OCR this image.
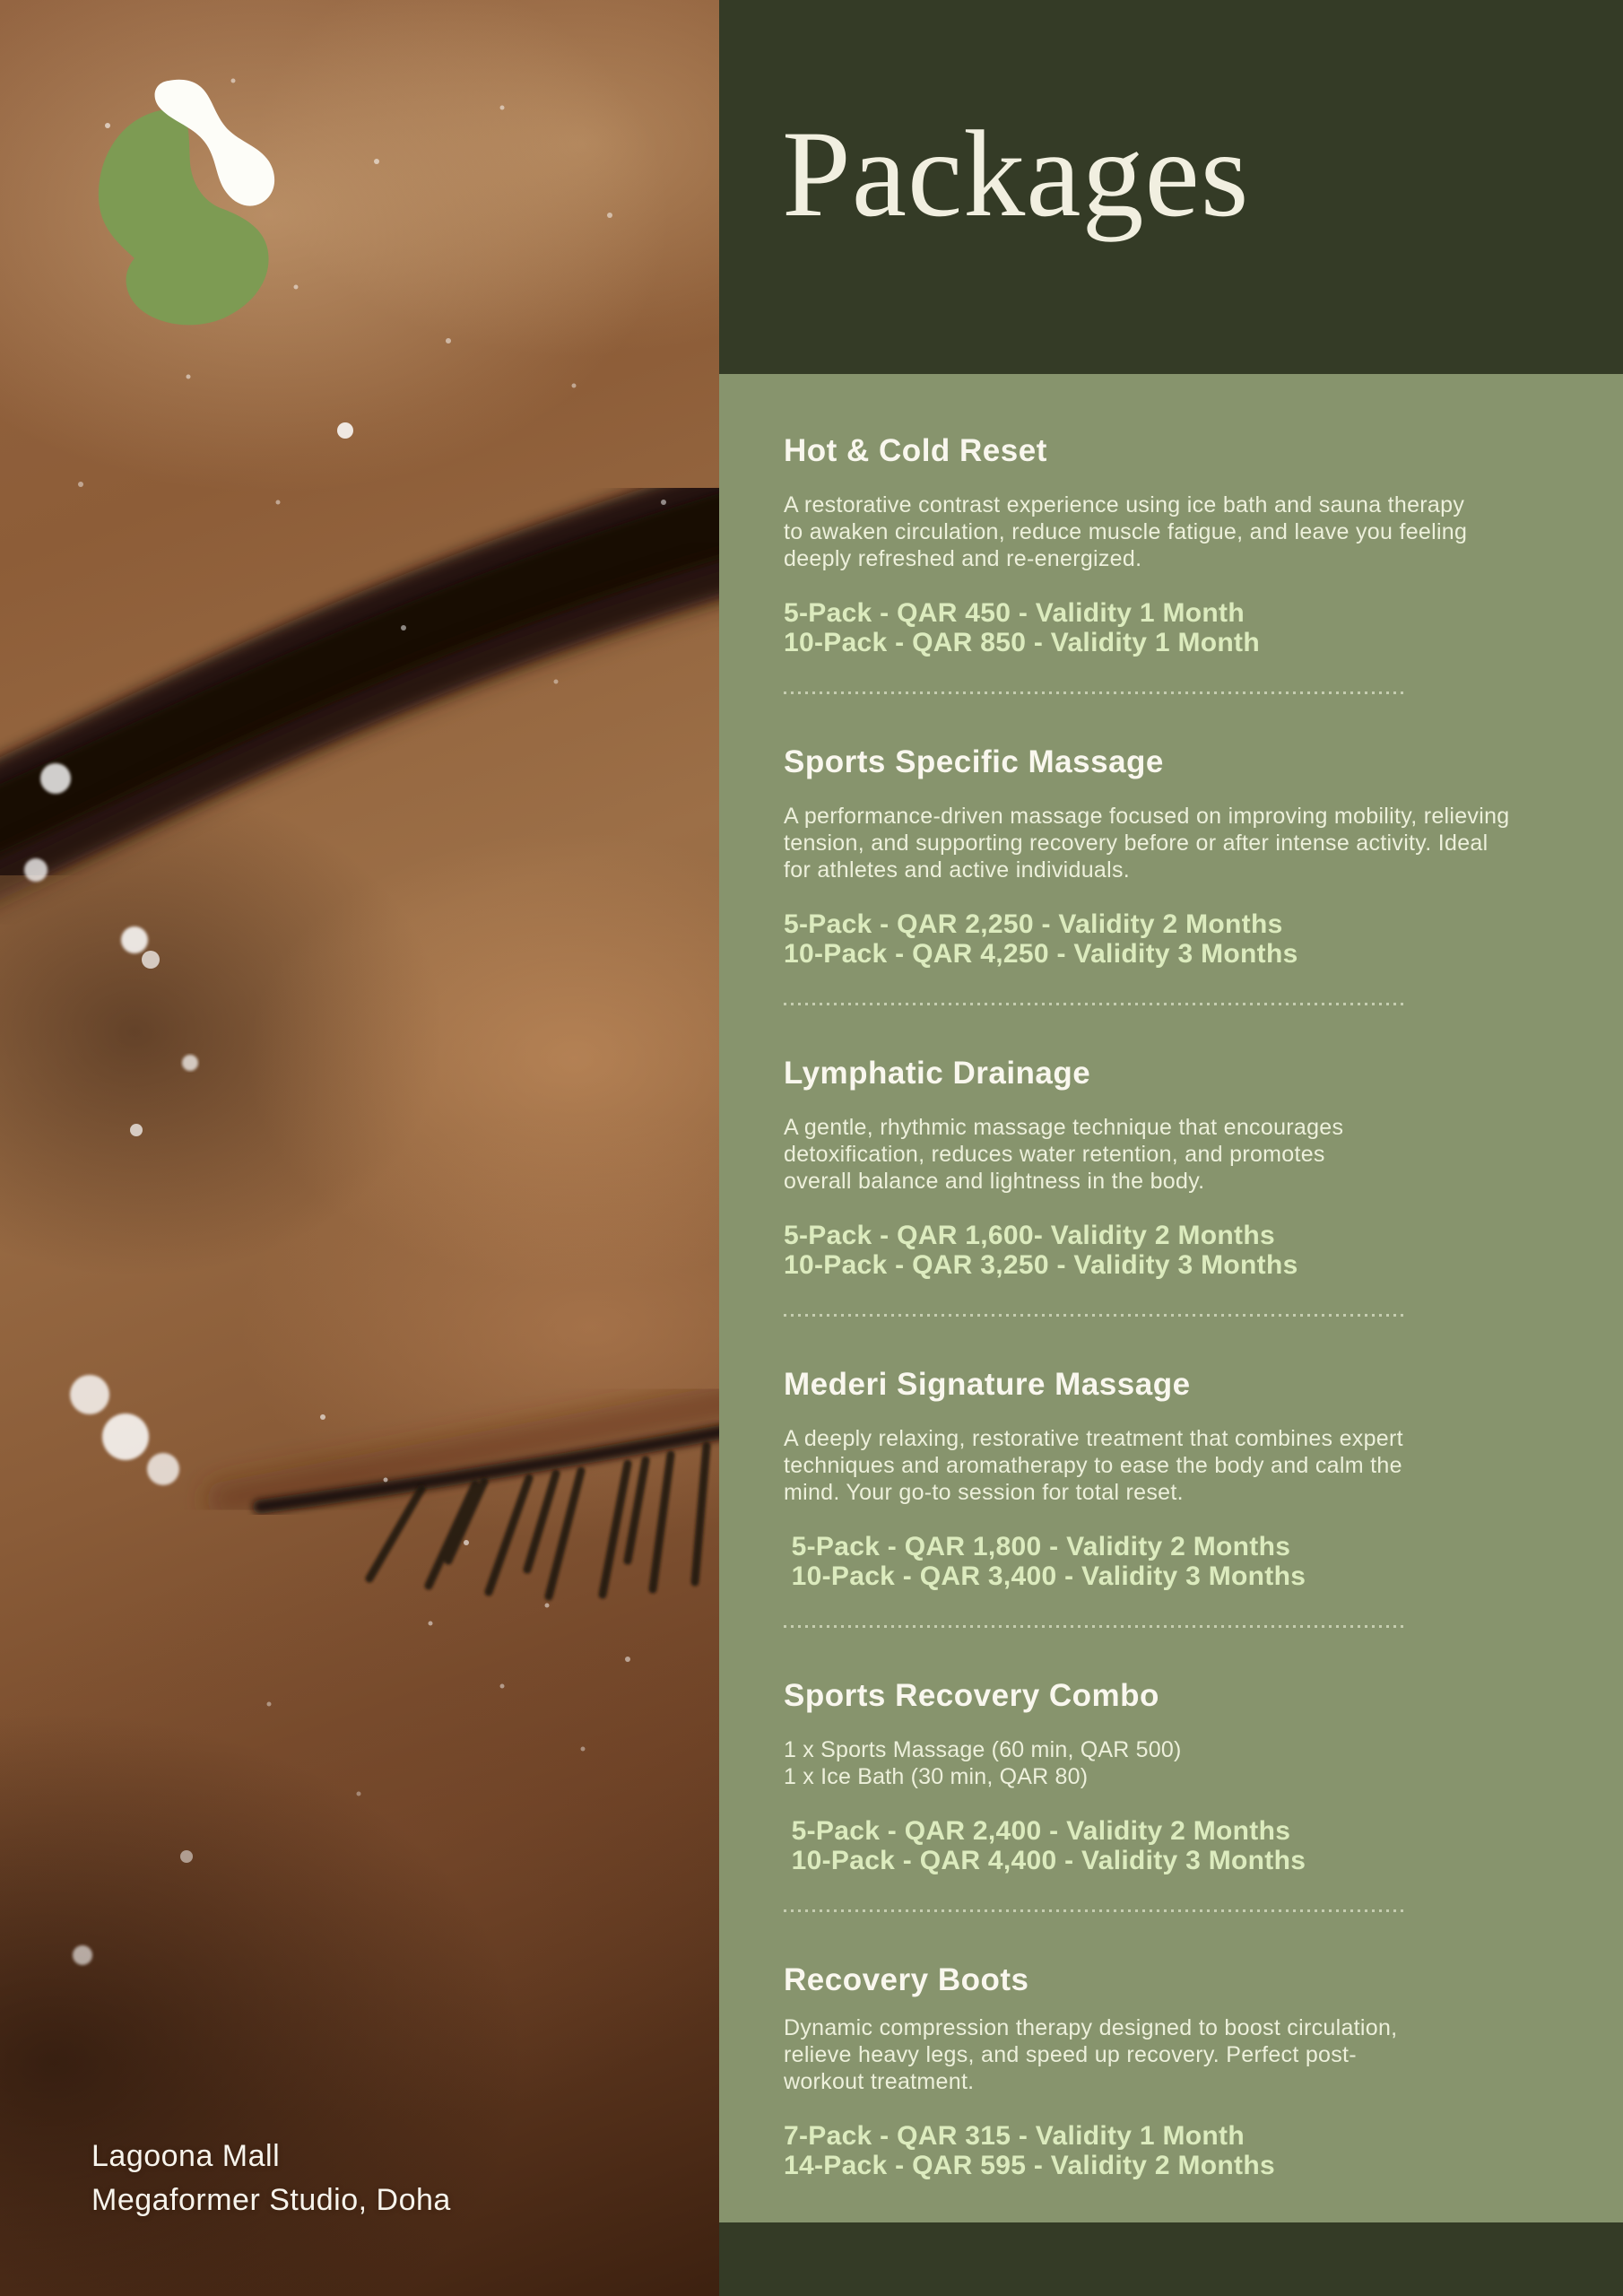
Lagoona Mall
Megaformer Studio, Doha
Packages
Hot & Cold Reset
A restorative contrast experience using ice bath and sauna therapy
to awaken circulation, reduce muscle fatigue, and leave you feeling
deeply refreshed and re-energized.
5-Pack - QAR 450 - Validity 1 Month
10-Pack - QAR 850 - Validity 1 Month
Sports Specific Massage
A performance-driven massage focused on improving mobility, relieving
tension, and supporting recovery before or after intense activity. Ideal
for athletes and active individuals.
5-Pack - QAR 2,250 - Validity 2 Months
10-Pack - QAR 4,250 - Validity 3 Months
Lymphatic Drainage
A gentle, rhythmic massage technique that encourages
detoxification, reduces water retention, and promotes
overall balance and lightness in the body.
5-Pack - QAR 1,600- Validity 2 Months
10-Pack - QAR 3,250 - Validity 3 Months
Mederi Signature Massage
A deeply relaxing, restorative treatment that combines expert
techniques and aromatherapy to ease the body and calm the
mind. Your go-to session for total reset.
5-Pack - QAR 1,800 - Validity 2 Months
10-Pack - QAR 3,400 - Validity 3 Months
Sports Recovery Combo
1 x Sports Massage (60 min, QAR 500)
1 x Ice Bath (30 min, QAR 80)
5-Pack - QAR 2,400 - Validity 2 Months
10-Pack - QAR 4,400 - Validity 3 Months
Recovery Boots
Dynamic compression therapy designed to boost circulation,
relieve heavy legs, and speed up recovery. Perfect post-
workout treatment.
7-Pack - QAR 315 - Validity 1 Month
14-Pack - QAR 595 - Validity 2 Months
